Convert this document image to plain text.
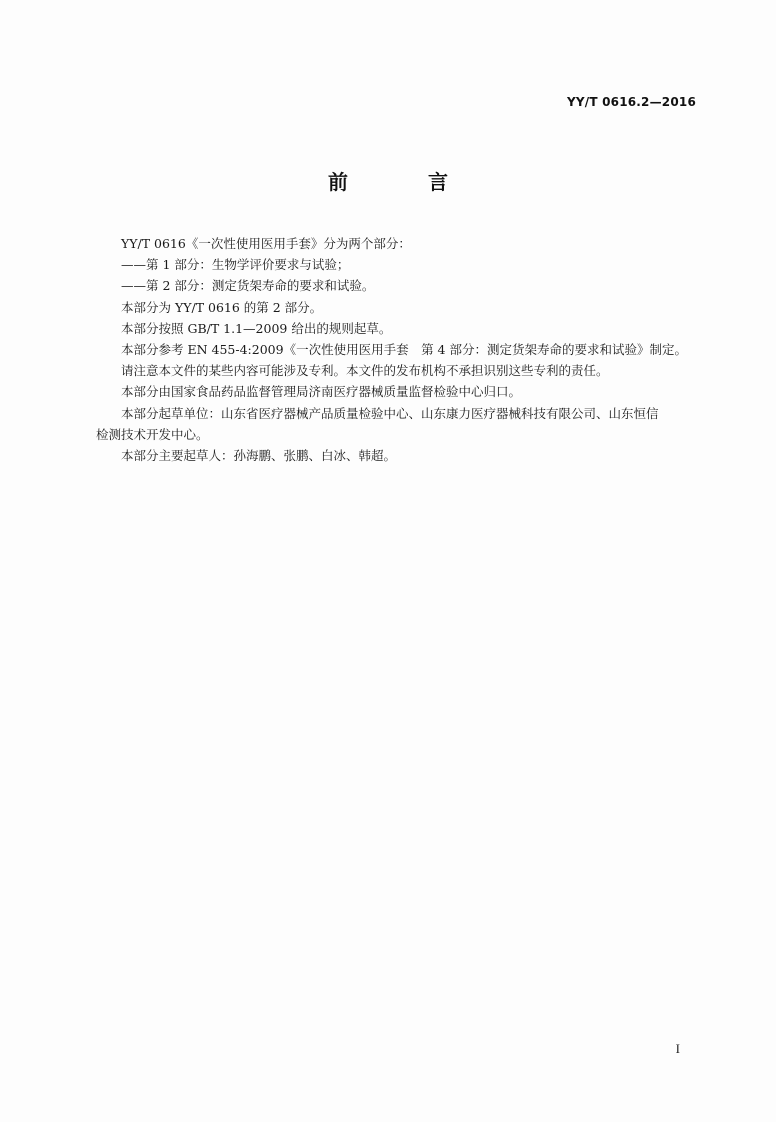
YY/T 0616.2—2016
前　言

YY/T 0616《一次性使用医用手套》分为两个部分：

——第 1 部分：生物学评价要求与试验；

——第 2 部分：测定货架寿命的要求和试验。

本部分为 YY/T 0616 的第 2 部分。

本部分按照 GB/T 1.1—2009 给出的规则起草。

本部分参考 EN 455-4:2009《一次性使用医用手套　第 4 部分：测定货架寿命的要求和试验》制定。

请注意本文件的某些内容可能涉及专利。本文件的发布机构不承担识别这些专利的责任。

本部分由国家食品药品监督管理局济南医疗器械质量监督检验中心归口。

本部分起草单位：山东省医疗器械产品质量检验中心、山东康力医疗器械科技有限公司、山东恒信
检测技术开发中心。

本部分主要起草人：孙海鹏、张鹏、白冰、韩超。

I
